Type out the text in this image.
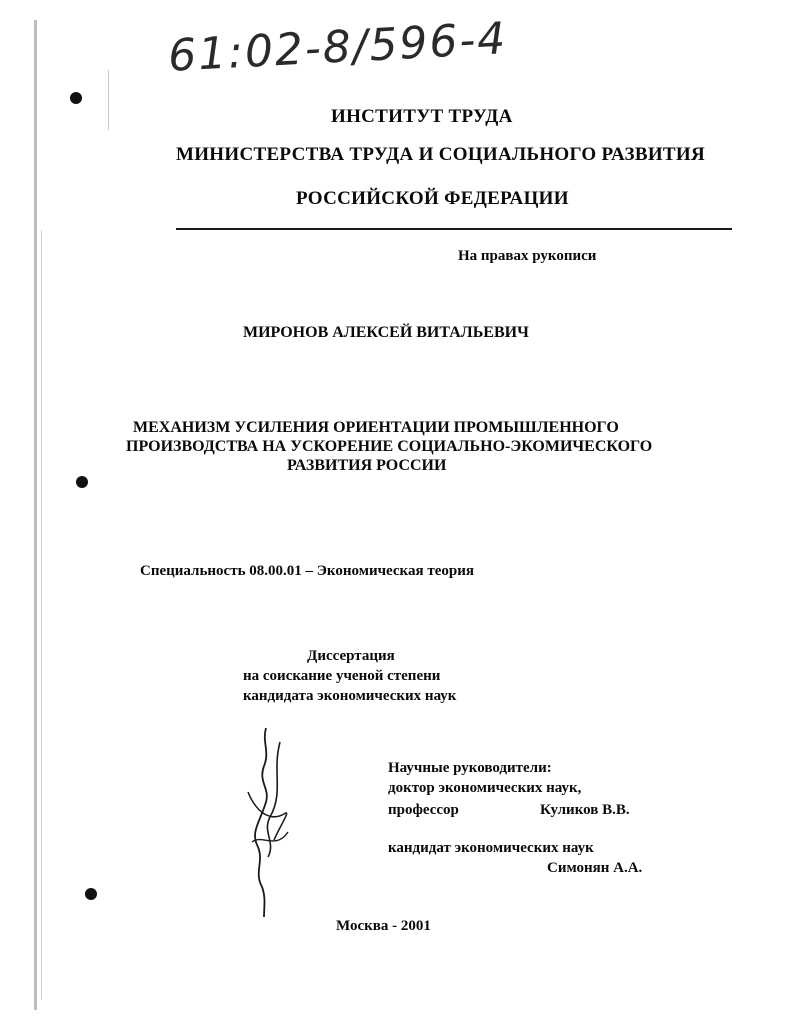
61:02-8/596-4
ИНСТИТУТ ТРУДА
МИНИСТЕРСТВА ТРУДА И СОЦИАЛЬНОГО РАЗВИТИЯ
РОССИЙСКОЙ ФЕДЕРАЦИИ
На правах рукописи
МИРОНОВ АЛЕКСЕЙ ВИТАЛЬЕВИЧ
МЕХАНИЗМ УСИЛЕНИЯ ОРИЕНТАЦИИ ПРОМЫШЛЕННОГО
ПРОИЗВОДСТВА НА УСКОРЕНИЕ СОЦИАЛЬНО-ЭКОМИЧЕСКОГО
РАЗВИТИЯ РОССИИ
Специальность 08.00.01 – Экономическая теория
Диссертация
на соискание ученой степени
кандидата экономических наук
Научные руководители:
доктор экономических наук,
профессор	Куликов В.В.
кандидат экономических наук
Симонян А.А.
Москва - 2001
